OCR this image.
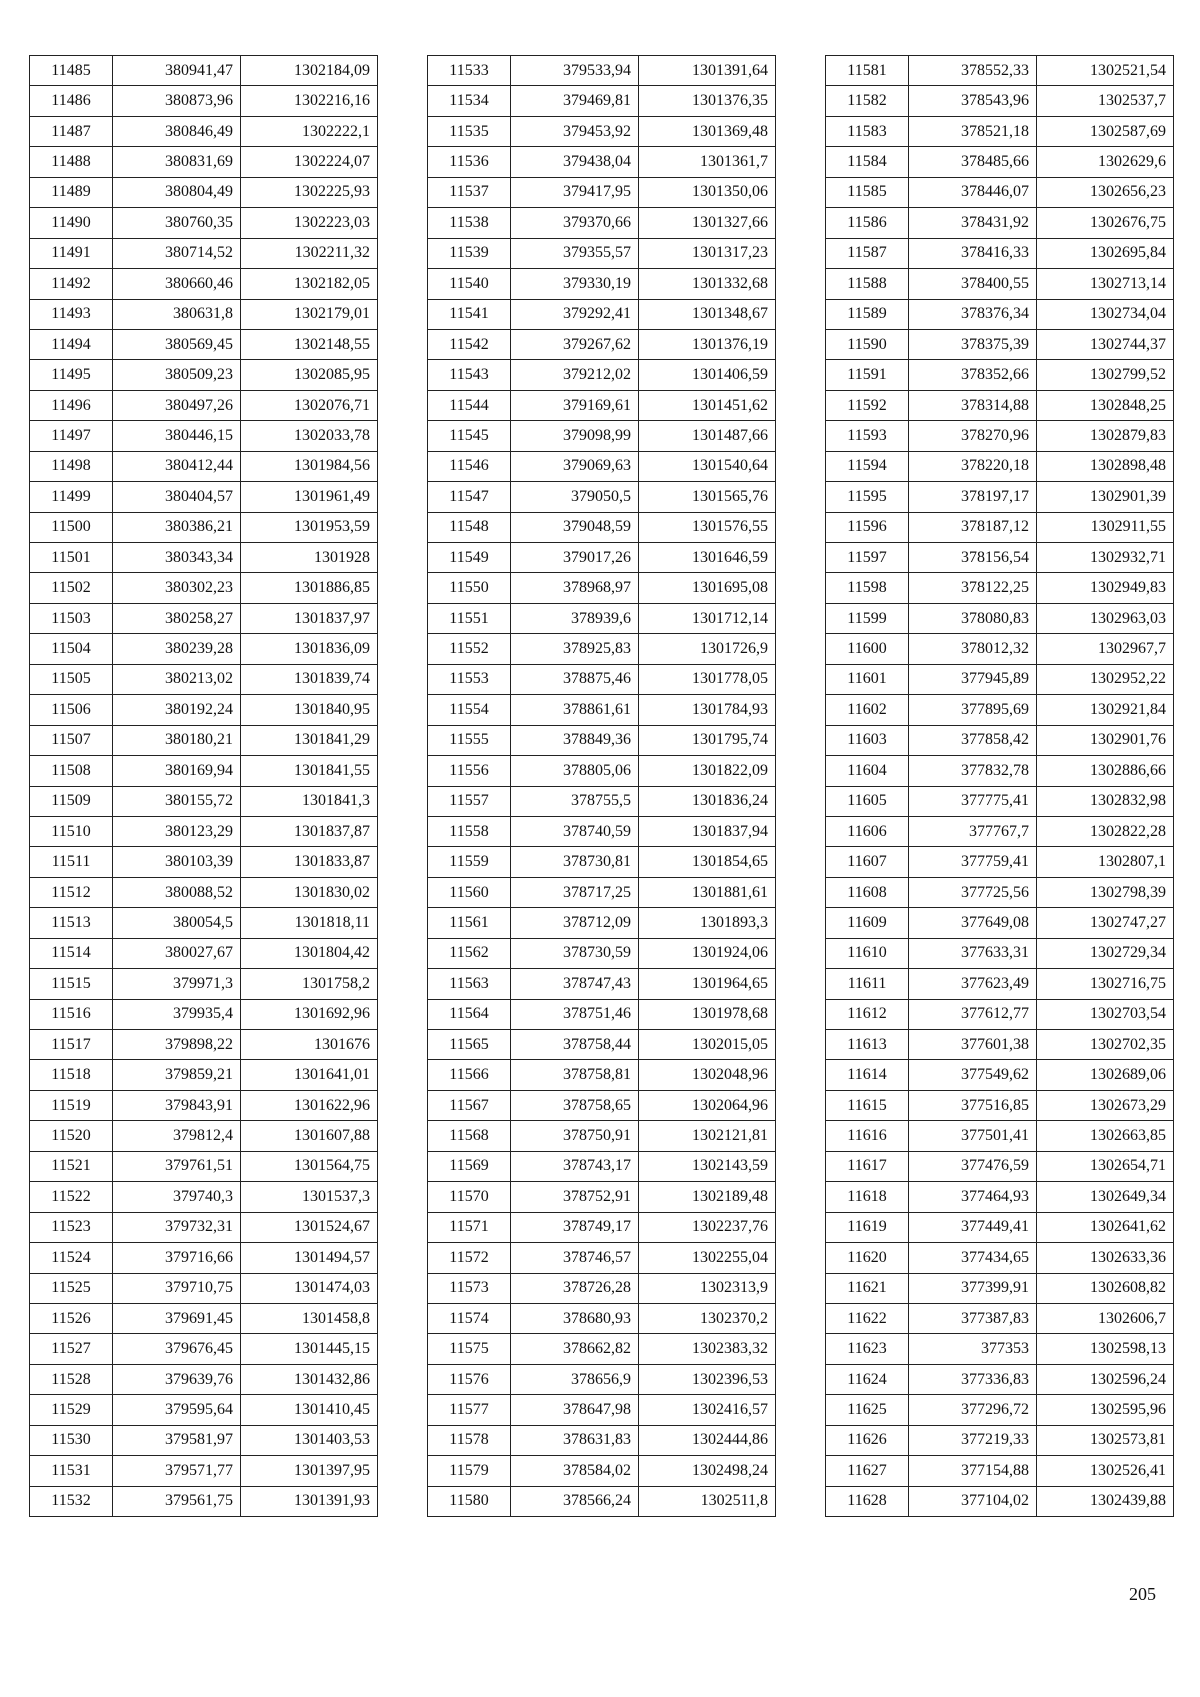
11485	380941,47	1302184,09
11486	380873,96	1302216,16
11487	380846,49	1302222,1
11488	380831,69	1302224,07
11489	380804,49	1302225,93
11490	380760,35	1302223,03
11491	380714,52	1302211,32
11492	380660,46	1302182,05
11493	380631,8	1302179,01
11494	380569,45	1302148,55
11495	380509,23	1302085,95
11496	380497,26	1302076,71
11497	380446,15	1302033,78
11498	380412,44	1301984,56
11499	380404,57	1301961,49
11500	380386,21	1301953,59
11501	380343,34	1301928
11502	380302,23	1301886,85
11503	380258,27	1301837,97
11504	380239,28	1301836,09
11505	380213,02	1301839,74
11506	380192,24	1301840,95
11507	380180,21	1301841,29
11508	380169,94	1301841,55
11509	380155,72	1301841,3
11510	380123,29	1301837,87
11511	380103,39	1301833,87
11512	380088,52	1301830,02
11513	380054,5	1301818,11
11514	380027,67	1301804,42
11515	379971,3	1301758,2
11516	379935,4	1301692,96
11517	379898,22	1301676
11518	379859,21	1301641,01
11519	379843,91	1301622,96
11520	379812,4	1301607,88
11521	379761,51	1301564,75
11522	379740,3	1301537,3
11523	379732,31	1301524,67
11524	379716,66	1301494,57
11525	379710,75	1301474,03
11526	379691,45	1301458,8
11527	379676,45	1301445,15
11528	379639,76	1301432,86
11529	379595,64	1301410,45
11530	379581,97	1301403,53
11531	379571,77	1301397,95
11532	379561,75	1301391,93
11533	379533,94	1301391,64
11534	379469,81	1301376,35
11535	379453,92	1301369,48
11536	379438,04	1301361,7
11537	379417,95	1301350,06
11538	379370,66	1301327,66
11539	379355,57	1301317,23
11540	379330,19	1301332,68
11541	379292,41	1301348,67
11542	379267,62	1301376,19
11543	379212,02	1301406,59
11544	379169,61	1301451,62
11545	379098,99	1301487,66
11546	379069,63	1301540,64
11547	379050,5	1301565,76
11548	379048,59	1301576,55
11549	379017,26	1301646,59
11550	378968,97	1301695,08
11551	378939,6	1301712,14
11552	378925,83	1301726,9
11553	378875,46	1301778,05
11554	378861,61	1301784,93
11555	378849,36	1301795,74
11556	378805,06	1301822,09
11557	378755,5	1301836,24
11558	378740,59	1301837,94
11559	378730,81	1301854,65
11560	378717,25	1301881,61
11561	378712,09	1301893,3
11562	378730,59	1301924,06
11563	378747,43	1301964,65
11564	378751,46	1301978,68
11565	378758,44	1302015,05
11566	378758,81	1302048,96
11567	378758,65	1302064,96
11568	378750,91	1302121,81
11569	378743,17	1302143,59
11570	378752,91	1302189,48
11571	378749,17	1302237,76
11572	378746,57	1302255,04
11573	378726,28	1302313,9
11574	378680,93	1302370,2
11575	378662,82	1302383,32
11576	378656,9	1302396,53
11577	378647,98	1302416,57
11578	378631,83	1302444,86
11579	378584,02	1302498,24
11580	378566,24	1302511,8
11581	378552,33	1302521,54
11582	378543,96	1302537,7
11583	378521,18	1302587,69
11584	378485,66	1302629,6
11585	378446,07	1302656,23
11586	378431,92	1302676,75
11587	378416,33	1302695,84
11588	378400,55	1302713,14
11589	378376,34	1302734,04
11590	378375,39	1302744,37
11591	378352,66	1302799,52
11592	378314,88	1302848,25
11593	378270,96	1302879,83
11594	378220,18	1302898,48
11595	378197,17	1302901,39
11596	378187,12	1302911,55
11597	378156,54	1302932,71
11598	378122,25	1302949,83
11599	378080,83	1302963,03
11600	378012,32	1302967,7
11601	377945,89	1302952,22
11602	377895,69	1302921,84
11603	377858,42	1302901,76
11604	377832,78	1302886,66
11605	377775,41	1302832,98
11606	377767,7	1302822,28
11607	377759,41	1302807,1
11608	377725,56	1302798,39
11609	377649,08	1302747,27
11610	377633,31	1302729,34
11611	377623,49	1302716,75
11612	377612,77	1302703,54
11613	377601,38	1302702,35
11614	377549,62	1302689,06
11615	377516,85	1302673,29
11616	377501,41	1302663,85
11617	377476,59	1302654,71
11618	377464,93	1302649,34
11619	377449,41	1302641,62
11620	377434,65	1302633,36
11621	377399,91	1302608,82
11622	377387,83	1302606,7
11623	377353	1302598,13
11624	377336,83	1302596,24
11625	377296,72	1302595,96
11626	377219,33	1302573,81
11627	377154,88	1302526,41
11628	377104,02	1302439,88
205
